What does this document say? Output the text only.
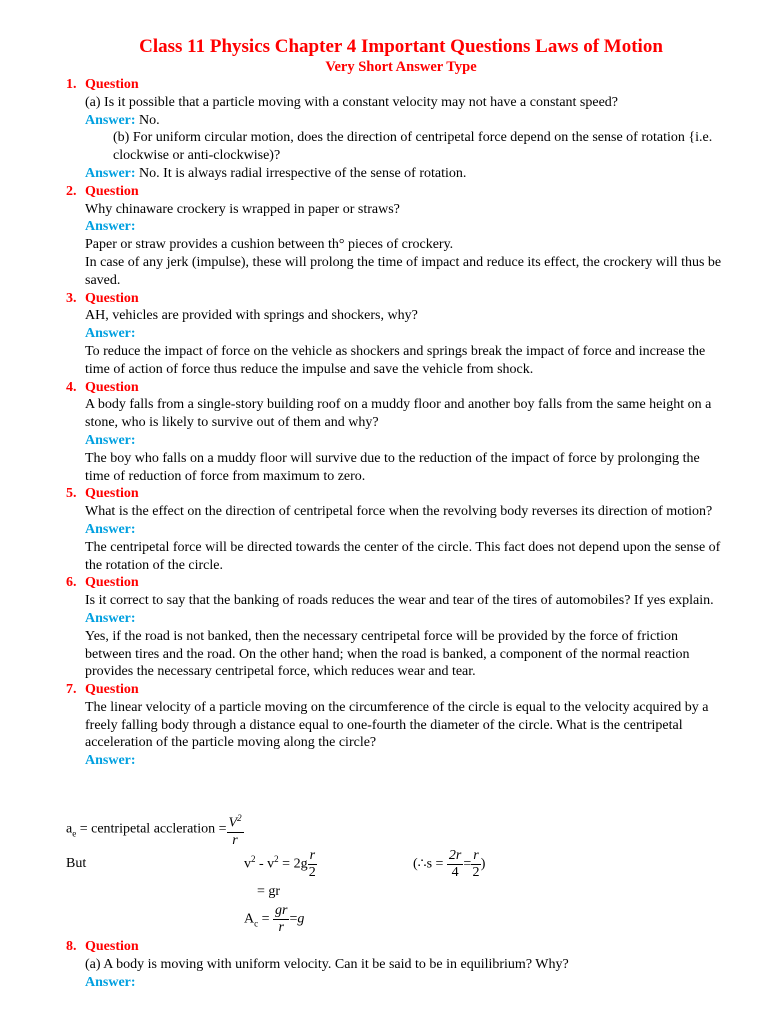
Class 11 Physics Chapter 4 Important Questions Laws of Motion
Very Short Answer Type
1. Question
(a) Is it possible that a particle moving with a constant velocity may not have a constant speed?
Answer: No.
(b) For uniform circular motion, does the direction of centripetal force depend on the sense of rotation {i.e. clockwise or anti-clockwise)?
Answer: No. It is always radial irrespective of the sense of rotation.
2. Question
Why chinaware crockery is wrapped in paper or straws?
Answer:
Paper or straw provides a cushion between th° pieces of crockery.
In case of any jerk (impulse), these will prolong the time of impact and reduce its effect, the crockery will thus be saved.
3. Question
AH, vehicles are provided with springs and shockers, why?
Answer:
To reduce the impact of force on the vehicle as shockers and springs break the impact of force and increase the time of action of force thus reduce the impulse and save the vehicle from shock.
4. Question
A body falls from a single-story building roof on a muddy floor and another boy falls from the same height on a stone, who is likely to survive out of them and why?
Answer:
The boy who falls on a muddy floor will survive due to the reduction of the impact of force by prolonging the time of reduction of force from maximum to zero.
5. Question
What is the effect on the direction of centripetal force when the revolving body reverses its direction of motion?
Answer:
The centripetal force will be directed towards the center of the circle. This fact does not depend upon the sense of the rotation of the circle.
6. Question
Is it correct to say that the banking of roads reduces the wear and tear of the tires of automobiles? If yes explain.
Answer:
Yes, if the road is not banked, then the necessary centripetal force will be provided by the force of friction between tires and the road. On the other hand; when the road is banked, a component of the normal reaction provides the necessary centripetal force, which reduces wear and tear.
7. Question
The linear velocity of a particle moving on the circumference of the circle is equal to the velocity acquired by a freely falling body through a distance equal to one-fourth the diameter of the circle. What is the centripetal acceleration of the particle moving along the circle?
Answer:
$a_e$ = centripetal accleration = $\frac{V^2}{r}$
But	$v^2 - v^2 = 2g \frac{r}{2}$	(∴s = $\frac{2r}{4} = \frac{r}{2}$ )
= gr
$A_c = \frac{gr}{r} =g$
8. Question
(a) A body is moving with uniform velocity. Can it be said to be in equilibrium? Why?
Answer:
